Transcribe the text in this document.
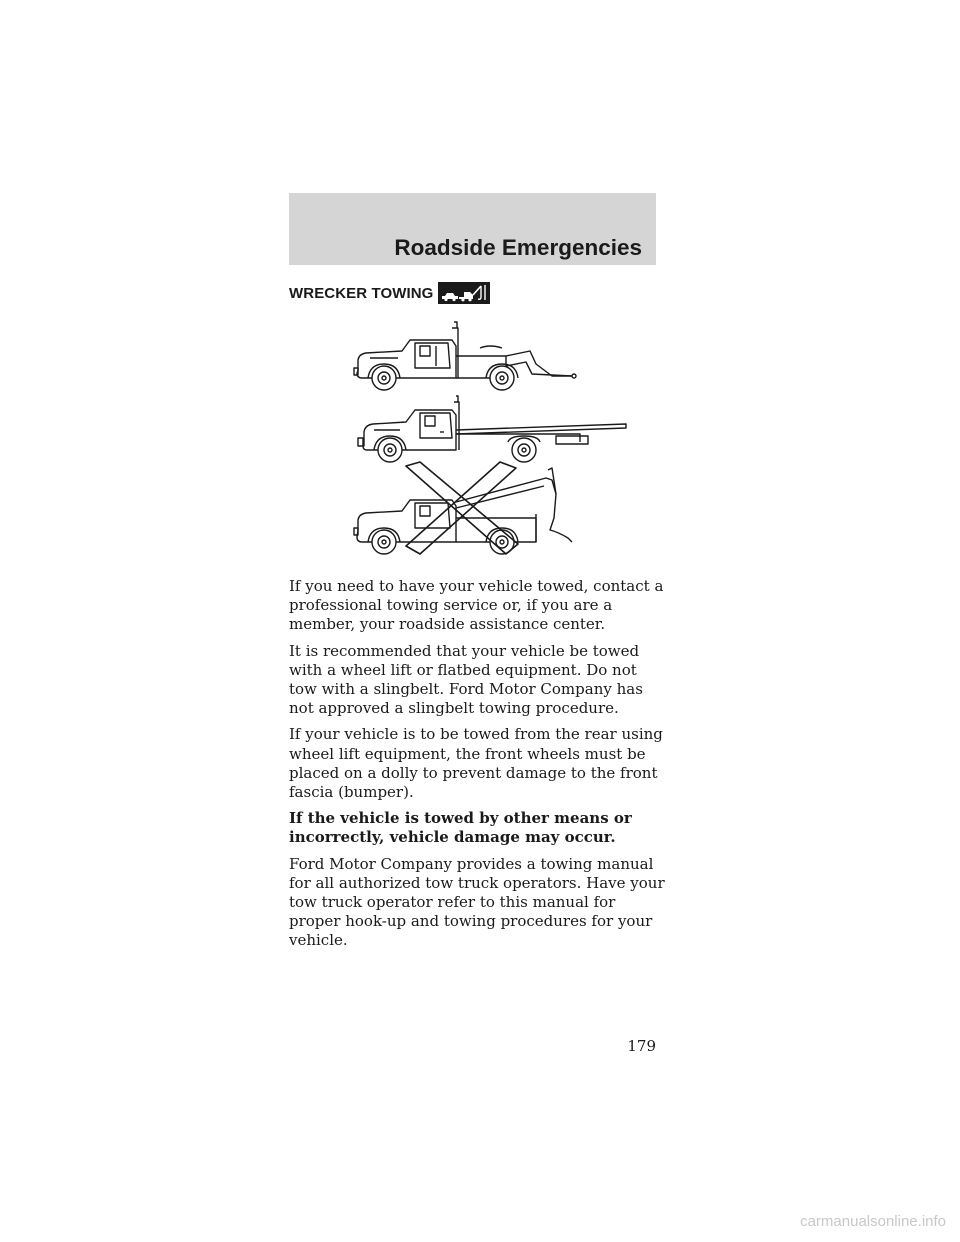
Roadside Emergencies
WRECKER TOWING

If you need to have your vehicle towed, contact a professional towing service or, if you are a member, your roadside assistance center.

It is recommended that your vehicle be towed with a wheel lift or flatbed equipment. Do not tow with a slingbelt. Ford Motor Company has not approved a slingbelt towing procedure.

If your vehicle is to be towed from the rear using wheel lift equipment, the front wheels must be placed on a dolly to prevent damage to the front fascia (bumper).

If the vehicle is towed by other means or incorrectly, vehicle damage may occur.

Ford Motor Company provides a towing manual for all authorized tow truck operators. Have your tow truck operator refer to this manual for proper hook-up and towing procedures for your vehicle.

179
carmanualsonline.info
